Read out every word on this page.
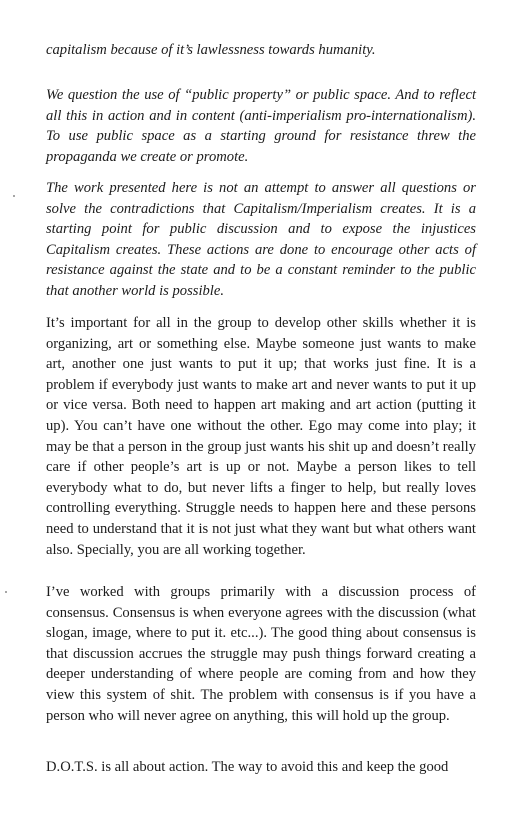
capitalism because of it’s lawlessness towards humanity.

We question the use of “public property” or public space. And to reflect all this in action and in content (anti-imperialism pro-internationalism). To use public space as a starting ground for resistance threw the propaganda we create or promote.

The work presented here is not an attempt to answer all questions or solve the contradictions that Capitalism/Imperialism creates. It is a starting point for public discussion and to expose the injustices Capitalism creates. These actions are done to encourage other acts of resistance against the state and to be a constant reminder to the public that another world is possible.

It’s important for all in the group to develop other skills whether it is organizing, art or something else. Maybe someone just wants to make art, another one just wants to put it up; that works just fine. It is a problem if everybody just wants to make art and never wants to put it up or vice versa. Both need to happen art making and art action (putting it up). You can’t have one without the other. Ego may come into play; it may be that a person in the group just wants his shit up and doesn’t really care if other people’s art is up or not. Maybe a person likes to tell everybody what to do, but never lifts a finger to help, but really loves controlling everything. Struggle needs to happen here and these persons need to understand that it is not just what they want but what others want also. Specially, you are all working together.

I’ve worked with groups primarily with a discussion process of consensus. Consensus is when everyone agrees with the discussion (what slogan, image, where to put it. etc...). The good thing about consensus is that discussion accrues the struggle may push things forward creating a deeper understanding of where people are coming from and how they view this system of shit. The problem with consensus is if you have a person who will never agree on anything, this will hold up the group.

D.O.T.S. is all about action. The way to avoid this and keep the good
